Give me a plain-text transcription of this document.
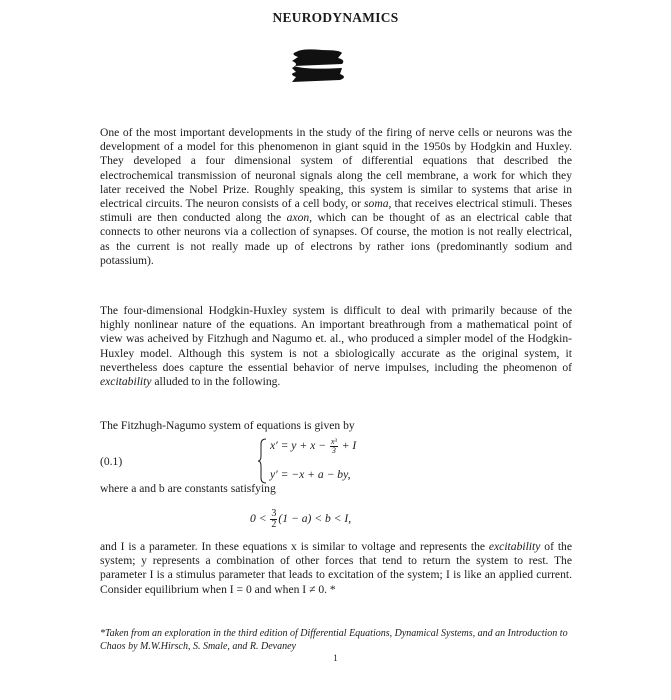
NEURODYNAMICS
One of the most important developments in the study of the firing of nerve cells or neurons was the development of a model for this phenomenon in giant squid in the 1950s by Hodgkin and Huxley. They developed a four dimensional system of differential equations that described the electrochemical transmission of neuronal signals along the cell membrane, a work for which they later received the Nobel Prize. Roughly speaking, this system is similar to systems that arise in electrical circuits. The neuron consists of a cell body, or soma, that receives electrical stimuli. Theses stimuli are then conducted along the axon, which can be thought of as an electrical cable that connects to other neurons via a collection of synapses. Of course, the motion is not really electrical, as the current is not really made up of electrons by rather ions (predominantly sodium and potassium).
The four-dimensional Hodgkin-Huxley system is difficult to deal with primarily because of the highly nonlinear nature of the equations. An important breathrough from a mathematical point of view was acheived by Fitzhugh and Nagumo et. al., who produced a simpler model of the Hodgkin-Huxley model. Although this system is not a sbiologically accurate as the original system, it nevertheless does capture the essential behavior of nerve impulses, including the pheomenon of excitability alluded to in the following.
The Fitzhugh-Nagumo system of equations is given by
(0.1)
$x' = y + x - \frac{\text{x³}}{3} + I$
y′ = −x + a − by,
where a and b are constants satisfying
$0 < \frac{3}{2} (1 - a) < b < I$,
and I is a parameter. In these equations x is similar to voltage and represents the excitability of the system; y represents a combination of other forces that tend to return the system to rest. The parameter I is a stimulus parameter that leads to excitation of the system; I is like an applied current. Consider equilibrium when I = 0 and when I ≠ 0. *
*Taken from an exploration in the third edition of Differential Equations, Dynamical Systems, and an Introduction to Chaos by M.W.Hirsch, S. Smale, and R. Devaney
1
